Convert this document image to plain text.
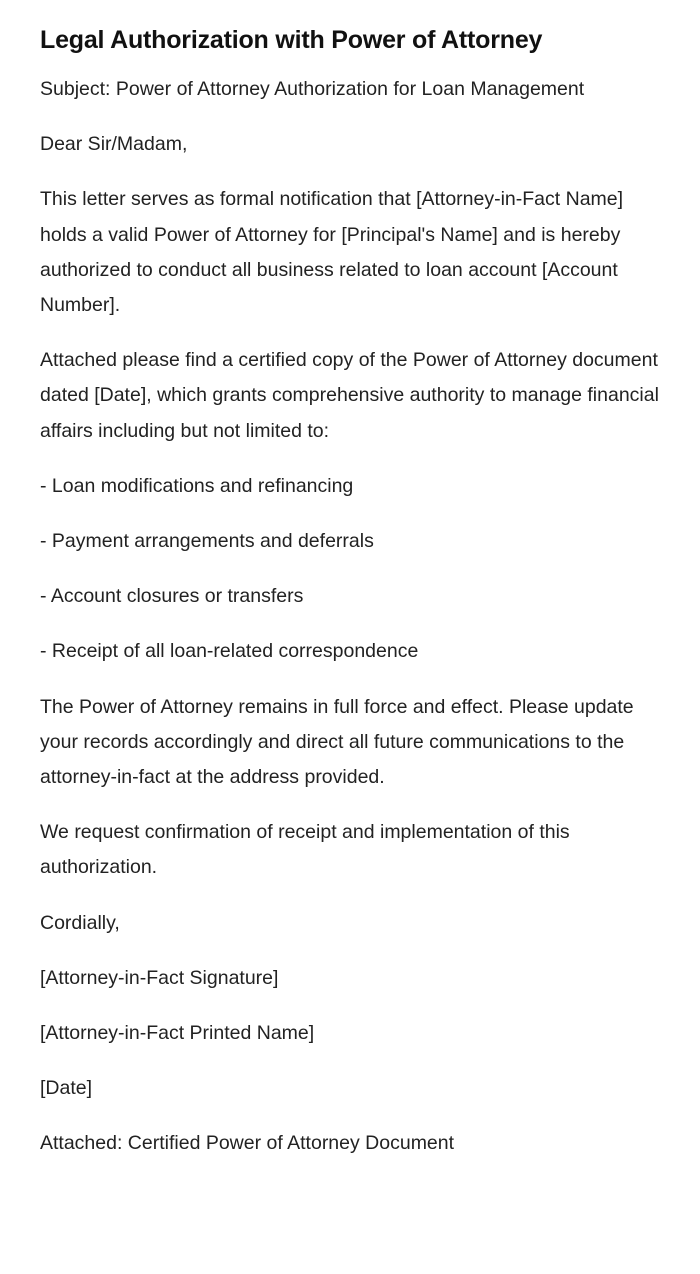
Legal Authorization with Power of Attorney

Subject: Power of Attorney Authorization for Loan Management

Dear Sir/Madam,

This letter serves as formal notification that [Attorney-in-Fact Name] holds a valid Power of Attorney for [Principal's Name] and is hereby authorized to conduct all business related to loan account [Account Number].

Attached please find a certified copy of the Power of Attorney document dated [Date], which grants comprehensive authority to manage financial affairs including but not limited to:

- Loan modifications and refinancing

- Payment arrangements and deferrals

- Account closures or transfers

- Receipt of all loan-related correspondence

The Power of Attorney remains in full force and effect. Please update your records accordingly and direct all future communications to the attorney-in-fact at the address provided.

We request confirmation of receipt and implementation of this authorization.

Cordially,

[Attorney-in-Fact Signature]

[Attorney-in-Fact Printed Name]

[Date]

Attached: Certified Power of Attorney Document
